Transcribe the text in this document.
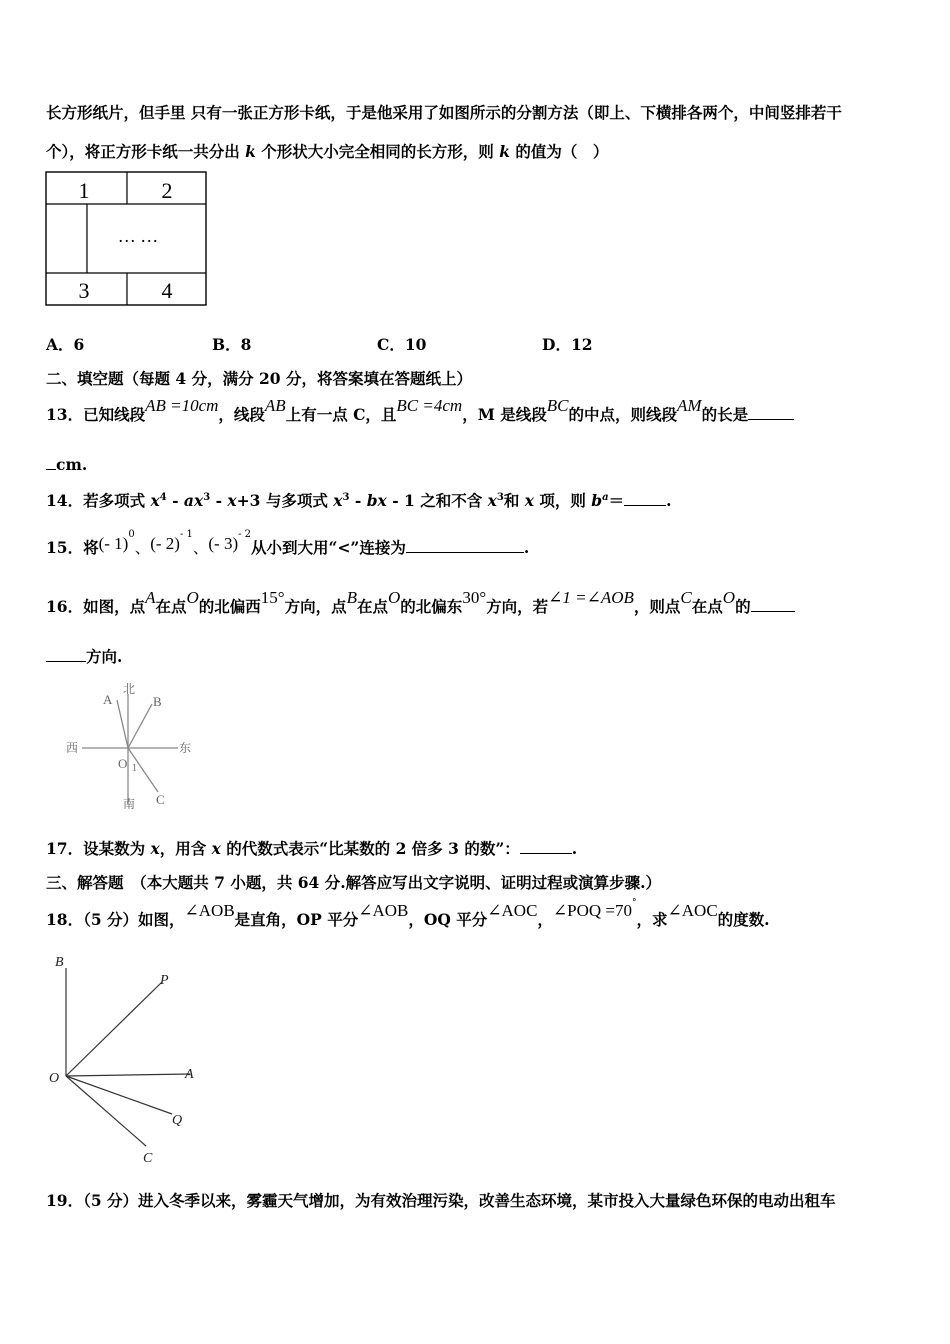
长方形纸片，但手里 只有一张正方形卡纸，于是他采用了如图所示的分割方法（即上、下横排各两个，中间竖排若干
个），将正方形卡纸一共分出 k 个形状大小完全相同的长方形，则 k 的值为（　）
1	2
… …
3	4
A．6	B．8	C．10	D．12
二、填空题（每题 4 分，满分 20 分，将答案填在答题纸上）
13．已知线段AB =10cm，线段AB上有一点 C，且BC =4cm，M 是线段BC的中点，则线段AM的长是
cm.
14．若多项式 $x^4 - ax^3 - x+3$ 与多项式 $x^3$ - bx - 1 之和不含 $x^3$和 x 项，则 $b^a=$	.
15．将(- 1)$^0$、(- 2)$^{- 1}$、(- 3)$^{- 2}$从小到大用“<”连接为	.
16．如图，点A在点O的北偏西15°方向，点B在点O的北偏东30°方向，若∠1 =∠AOB，则点C在点O的
方向.
北
南
西	东
A	B
C
O 1
17．设某数为 x，用含 x 的代数式表示“比某数的 2 倍多 3 的数”：	.
三、解答题　（本大题共 7 小题，共 64 分.解答应写出文字说明、证明过程或演算步骤.）
18．（5 分）如图，∠AOB是直角，OP 平分∠AOB，OQ 平分∠AOC，∠POQ =70°，求∠AOC的度数.
B
P
O	A
Q
C
19．（5 分）进入冬季以来，雾霾天气增加，为有效治理污染，改善生态环境，某市投入大量绿色环保的电动出租车
